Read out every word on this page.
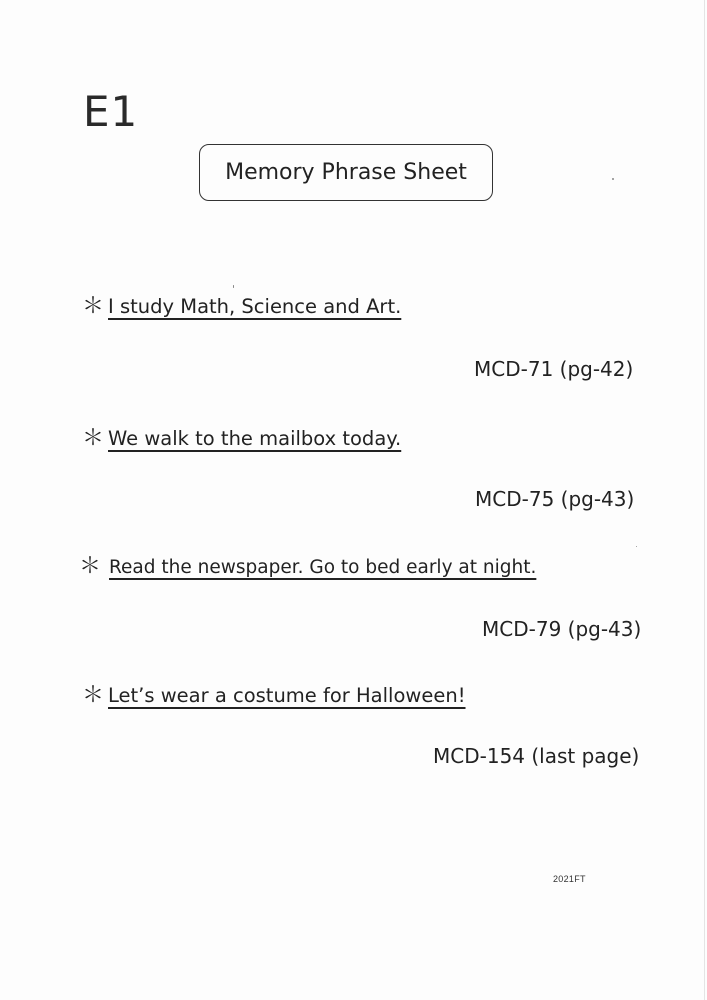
E1
Memory Phrase Sheet
＊ I study Math, Science and Art.
MCD-71 (pg-42)
＊ We walk to the mailbox today.
MCD-75 (pg-43)
＊ Read the newspaper. Go to bed early at night.
MCD-79 (pg-43)
＊ Let’s wear a costume for Halloween!
MCD-154 (last page)
2021FT
